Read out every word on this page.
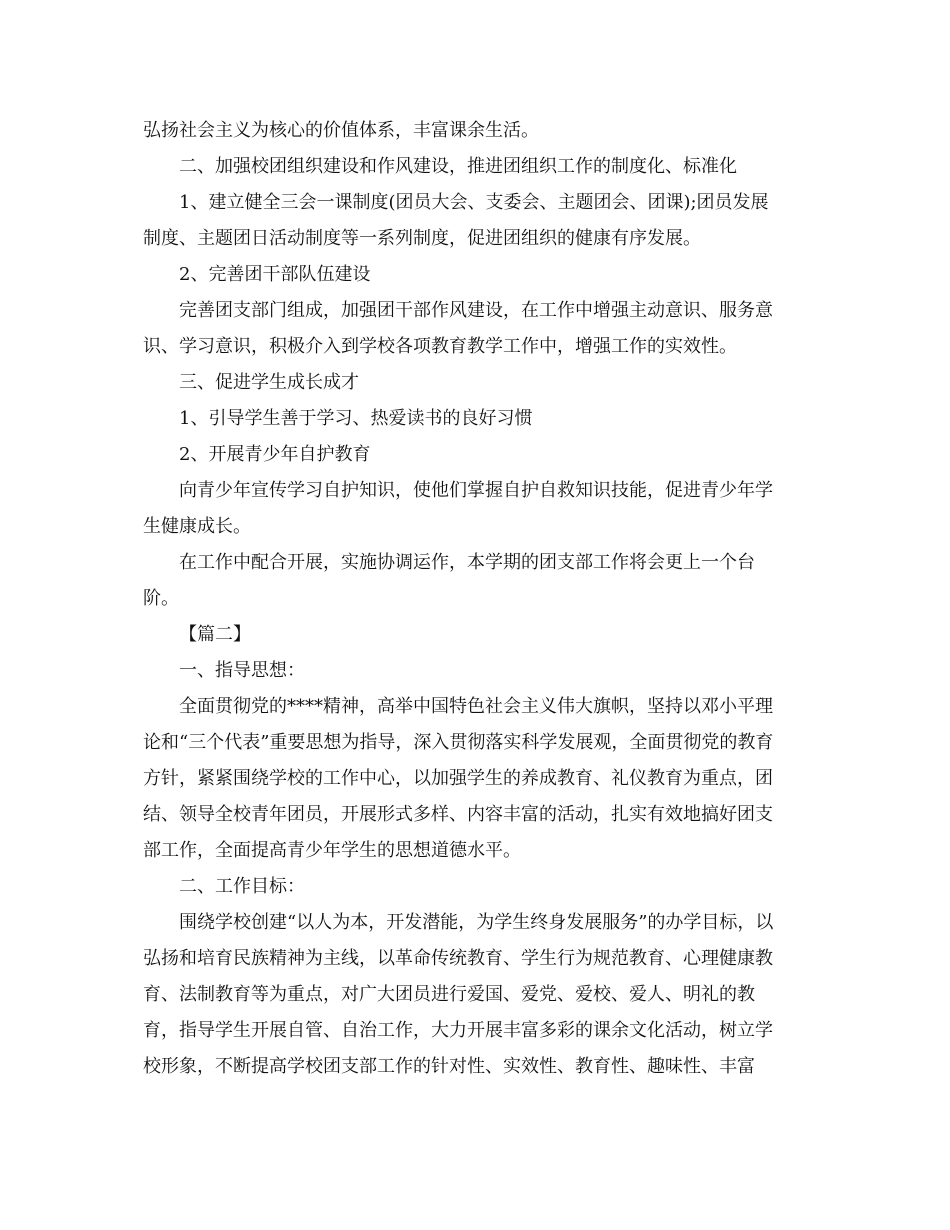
弘扬社会主义为核心的价值体系，丰富课余生活。
二、加强校团组织建设和作风建设，推进团组织工作的制度化、标准化
1、建立健全三会一课制度(团员大会、支委会、主题团会、团课);团员发展
制度、主题团日活动制度等一系列制度，促进团组织的健康有序发展。
2、完善团干部队伍建设
完善团支部门组成，加强团干部作风建设，在工作中增强主动意识、服务意
识、学习意识，积极介入到学校各项教育教学工作中，增强工作的实效性。
三、促进学生成长成才
1、引导学生善于学习、热爱读书的良好习惯
2、开展青少年自护教育
向青少年宣传学习自护知识，使他们掌握自护自救知识技能，促进青少年学
生健康成长。
在工作中配合开展，实施协调运作，本学期的团支部工作将会更上一个台
阶。
【篇二】
一、指导思想：
全面贯彻党的****精神，高举中国特色社会主义伟大旗帜，坚持以邓小平理
论和“三个代表”重要思想为指导，深入贯彻落实科学发展观，全面贯彻党的教育
方针，紧紧围绕学校的工作中心，以加强学生的养成教育、礼仪教育为重点，团
结、领导全校青年团员，开展形式多样、内容丰富的活动，扎实有效地搞好团支
部工作，全面提高青少年学生的思想道德水平。
二、工作目标：
围绕学校创建“以人为本，开发潜能，为学生终身发展服务”的办学目标，以
弘扬和培育民族精神为主线，以革命传统教育、学生行为规范教育、心理健康教
育、法制教育等为重点，对广大团员进行爱国、爱党、爱校、爱人、明礼的教
育，指导学生开展自管、自治工作，大力开展丰富多彩的课余文化活动，树立学
校形象，不断提高学校团支部工作的针对性、实效性、教育性、趣味性、丰富
